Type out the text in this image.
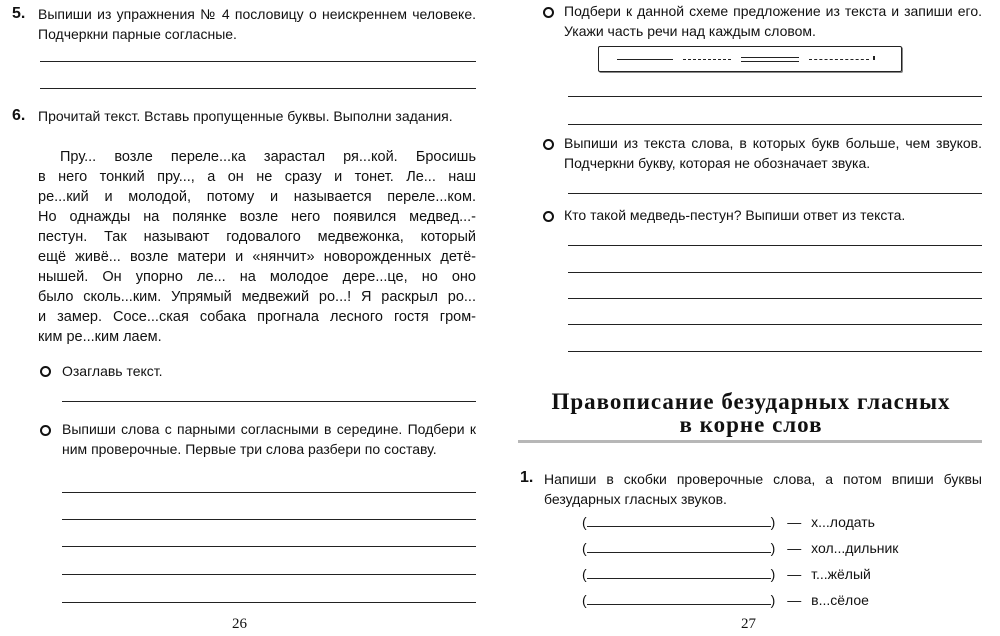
5. Выпиши из упражнения № 4 пословицу о неискреннем человеке. Подчеркни парные согласные.
6. Прочитай текст. Вставь пропущенные буквы. Выполни задания.
Пру... возле переле...ка зарастал ря...кой. Бросишь
в него тонкий пру..., а он не сразу и тонет. Ле... наш
ре...кий и молодой, потому и называется переле...ком.
Но однажды на полянке возле него появился медвед...-
пестун. Так называют годовалого медвежонка, который
ещё живё... возле матери и «нянчит» новорожденных детё-
нышей. Он упорно ле... на молодое дере...це, но оно
было сколь...ким. Упрямый медвежий ро...! Я раскрыл ро...
и замер. Сосе...ская собака прогнала лесного гостя гром-
ким ре...ким лаем.
Озаглавь текст.
Выпиши слова с парными согласными в середине. Подбери к ним проверочные. Первые три слова разбери по составу.
26
Подбери к данной схеме предложение из текста и запиши его. Укажи часть речи над каждым словом.
Выпиши из текста слова, в которых букв больше, чем звуков. Подчеркни букву, которая не обозначает звука.
Кто такой медведь-пестун? Выпиши ответ из текста.
Правописание безударных гласных
в корне слов
1. Напиши в скобки проверочные слова, а потом впиши буквы безударных гласных звуков.
(	) — х...лодать
(	) — хол...дильник
(	) — т...жёлый
(	) — в...сёлое
27
